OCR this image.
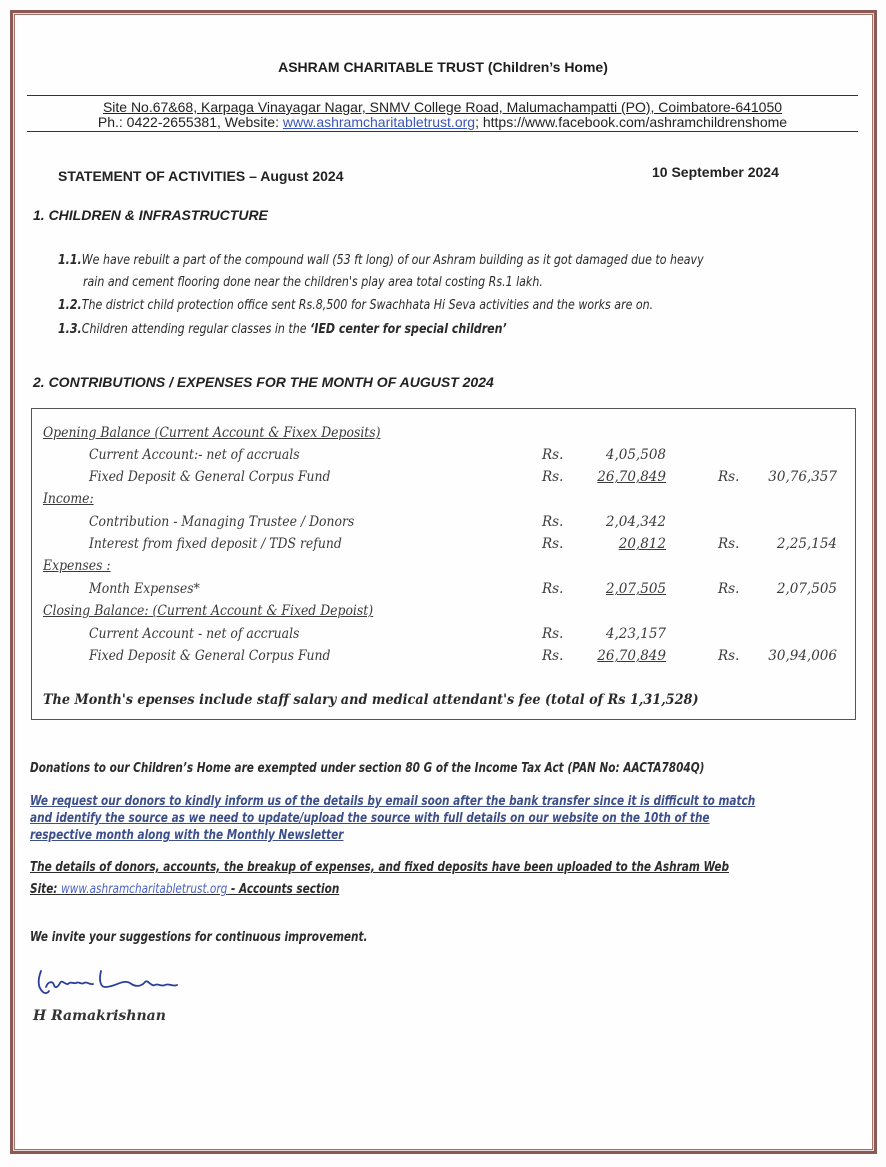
ASHRAM CHARITABLE TRUST (Children’s Home)
Site No.67&68, Karpaga Vinayagar Nagar, SNMV College Road, Malumachampatti (PO), Coimbatore-641050
Ph.: 0422-2655381, Website: www.ashramcharitabletrust.org; https://www.facebook.com/ashramchildrenshome
STATEMENT OF ACTIVITIES – August 2024	10 September 2024
1. CHILDREN & INFRASTRUCTURE
1.1.We have rebuilt a part of the compound wall (53 ft long) of our Ashram building as it got damaged due to heavy
rain and cement flooring done near the children's play area total costing Rs.1 lakh.
1.2.The district child protection office sent Rs.8,500 for Swachhata Hi Seva activities and the works are on.
1.3.Children attending regular classes in the ‘IED center for special children’
2. CONTRIBUTIONS / EXPENSES FOR THE MONTH OF AUGUST 2024
Opening Balance (Current Account & Fixex Deposits)
Current Account:- net of accruals	Rs.	4,05,508
Fixed Deposit & General Corpus Fund	Rs.	26,70,849	Rs.	30,76,357
Income:
Contribution - Managing Trustee / Donors	Rs.	2,04,342
Interest from fixed deposit / TDS refund	Rs.	20,812	Rs.	2,25,154
Expenses :
Month Expenses*	Rs.	2,07,505	Rs.	2,07,505
Closing Balance: (Current Account & Fixed Depoist)
Current Account - net of accruals	Rs.	4,23,157
Fixed Deposit & General Corpus Fund	Rs.	26,70,849	Rs.	30,94,006
The Month's epenses include staff salary and medical attendant's fee (total of Rs 1,31,528)
Donations to our Children’s Home are exempted under section 80 G of the Income Tax Act (PAN No: AACTA7804Q)
We request our donors to kindly inform us of the details by email soon after the bank transfer since it is difficult to match
and identify the source as we need to update/upload the source with full details on our website on the 10th of the
respective month along with the Monthly Newsletter
The details of donors, accounts, the breakup of expenses, and fixed deposits have been uploaded to the Ashram Web
Site: www.ashramcharitabletrust.org - Accounts section
We invite your suggestions for continuous improvement.
H Ramakrishnan
